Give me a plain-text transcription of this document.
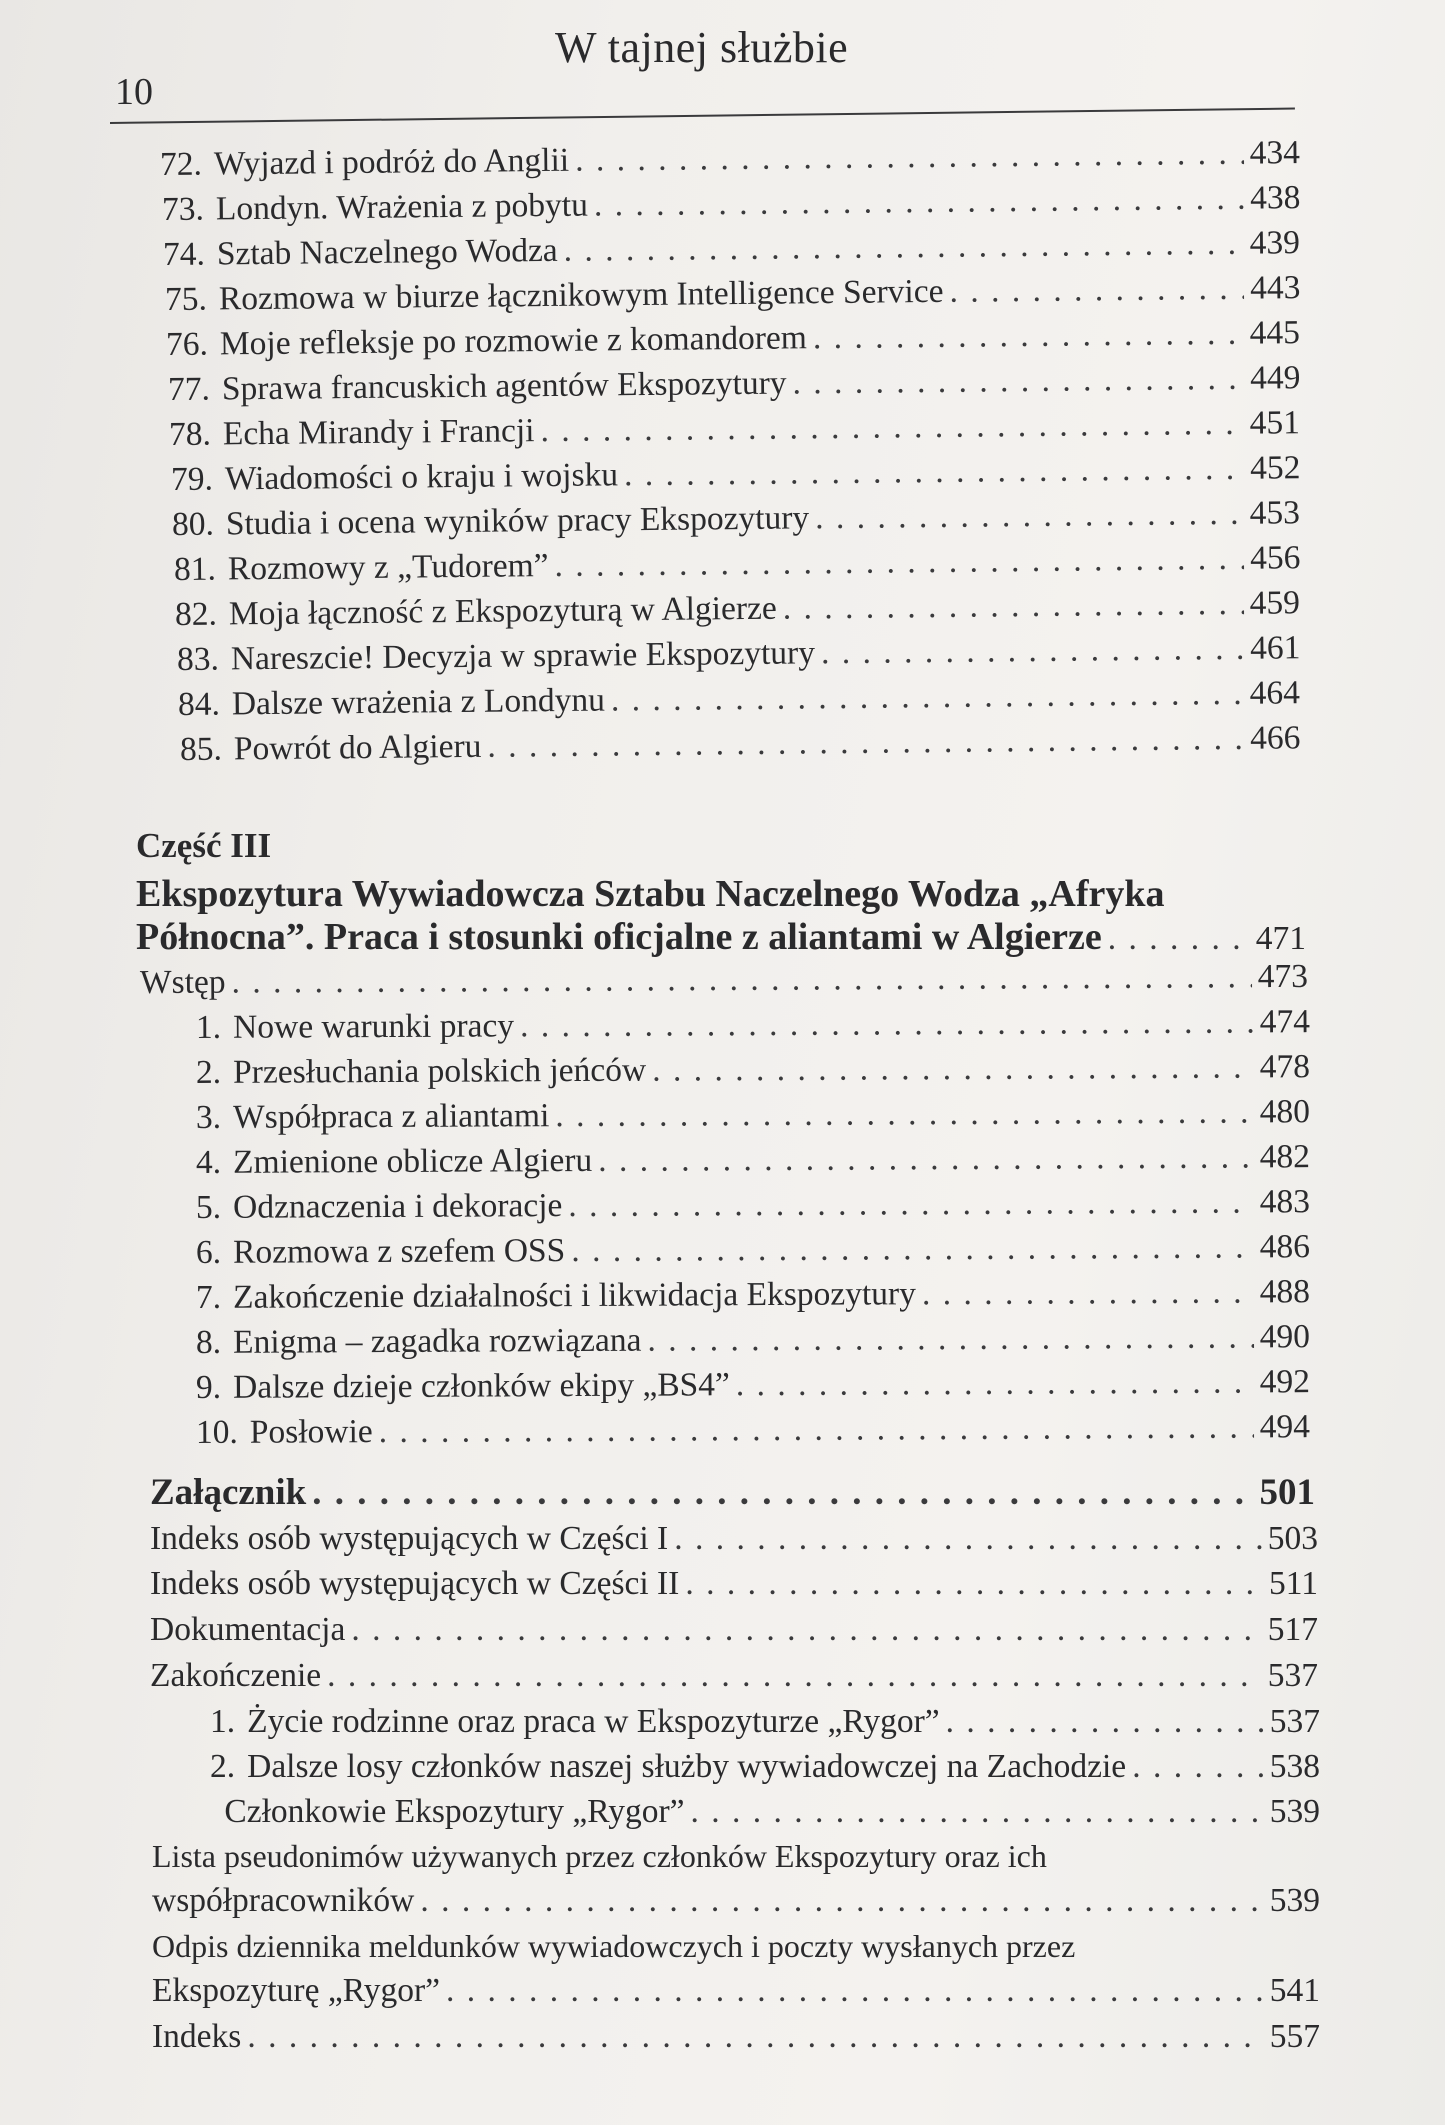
10
W tajnej służbie
72. Wyjazd i podróż do Anglii . . .	434
73. Londyn. Wrażenia z pobytu . . .	438
74. Sztab Naczelnego Wodza . . .	439
75. Rozmowa w biurze łącznikowym Intelligence Service . . .	443
76. Moje refleksje po rozmowie z komandorem . . .	445
77. Sprawa francuskich agentów Ekspozytury . . .	449
78. Echa Mirandy i Francji . . .	451
79. Wiadomości o kraju i wojsku . . .	452
80. Studia i ocena wyników pracy Ekspozytury . . .	453
81. Rozmowy z „Tudorem” . . .	456
82. Moja łączność z Ekspozyturą w Algierze . . .	459
83. Nareszcie! Decyzja w sprawie Ekspozytury . . .	461
84. Dalsze wrażenia z Londynu . . .	464
85. Powrót do Algieru . . .	466
Wstęp . . .	473
1. Nowe warunki pracy . . .	474
2. Przesłuchania polskich jeńców . . .	478
3. Współpraca z aliantami . . .	480
4. Zmienione oblicze Algieru . . .	482
5. Odznaczenia i dekoracje . . .	483
6. Rozmowa z szefem OSS . . .	486
7. Zakończenie działalności i likwidacja Ekspozytury . . .	488
8. Enigma – zagadka rozwiązana . . .	490
9. Dalsze dzieje członków ekipy „BS4” . . .	492
10. Posłowie . . .	494
Załącznik . . .	501
Indeks osób występujących w Części I . . .	503
Indeks osób występujących w Części II . . .	511
Dokumentacja . . .	517
Zakończenie . . .	537
1. Życie rodzinne oraz praca w Ekspozyturze „Rygor” . . .	537
2. Dalsze losy członków naszej służby wywiadowczej na Zachodzie . . .	538
Członkowie Ekspozytury „Rygor” . . .	539
Lista pseudonimów używanych przez członków Ekspozytury oraz ich
współpracowników . . .	539
Odpis dziennika meldunków wywiadowczych i poczty wysłanych przez
Ekspozyturę „Rygor” . . .	541
Indeks . . .	557
Część III
Ekspozytura Wywiadowcza Sztabu Naczelnego Wodza „Afryka
Północna”. Praca i stosunki oficjalne z aliantami w Algierze . . .	471
